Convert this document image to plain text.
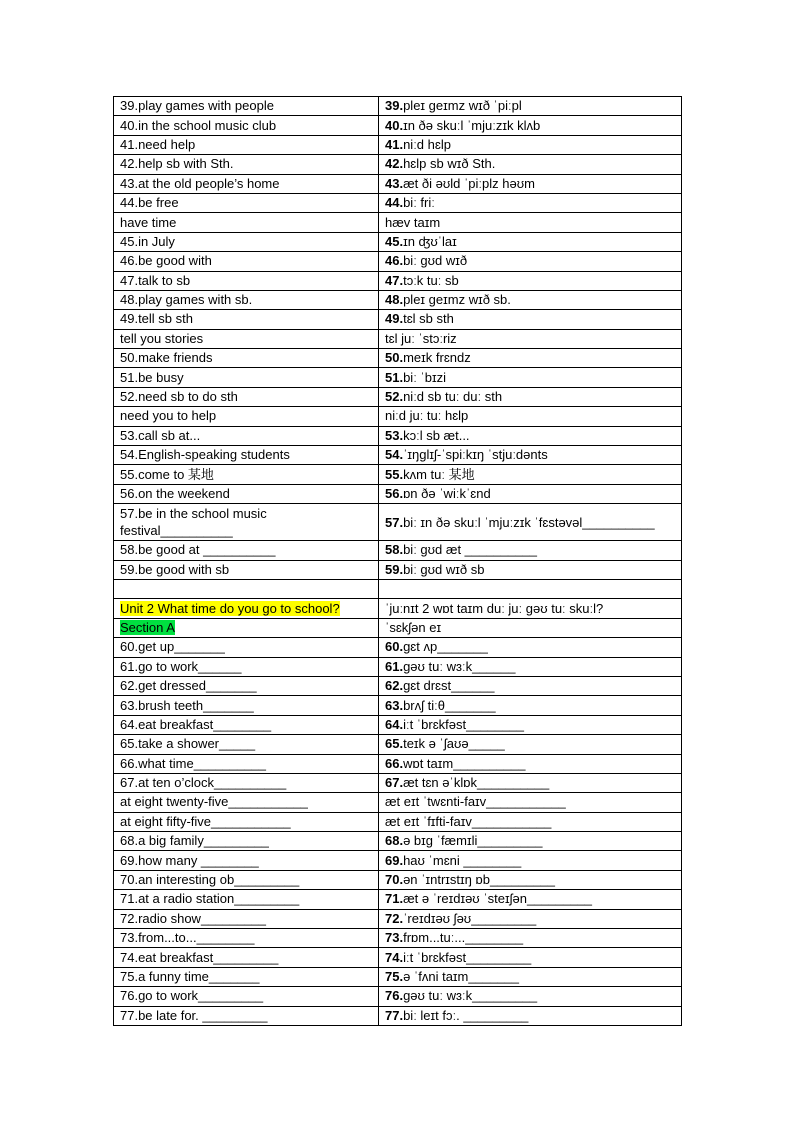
39.play games with people	39.pleɪ geɪmz wɪð ˈpiːpl
40.in the school music club	40.ɪn ðə skuːl ˈmjuːzɪk klʌb
41.need help	41.niːd hɛlp
42.help sb with Sth.	42.hɛlp sb wɪð Sth.
43.at the old people’s home	43.æt ði əʊld ˈpiːplz həʊm
44.be free	44.biː friː
have time	hæv taɪm
45.in July	45.ɪn ʤʊˈlaɪ
46.be good with	46.biː gʊd wɪð
47.talk to sb	47.tɔːk tuː sb
48.play games with sb.	48.pleɪ geɪmz wɪð sb.
49.tell sb sth	49.tɛl sb sth
tell you stories	tɛl juː ˈstɔːriz
50.make friends	50.meɪk frɛndz
51.be busy	51.biː ˈbɪzi
52.need sb to do sth	52.niːd sb tuː duː sth
need you to help	niːd juː tuː hɛlp
53.call sb at...	53.kɔːl sb æt...
54.English-speaking students	54.ˈɪŋglɪʃ-ˈspiːkɪŋ ˈstjuːdənts
55.come to 某地	55.kʌm tuː 某地
56.on the weekend	56.ɒn ðə ˈwiːkˈɛnd
57.be in the school music festival__________	57.biː ɪn ðə skuːl ˈmjuːzɪk ˈfɛstəvəl__________
58.be good at __________	58.biː gʊd æt __________
59.be good with sb	59.biː gʊd wɪð sb

Unit 2 What time do you go to school?	ˈjuːnɪt 2 wɒt taɪm duː juː gəʊ tuː skuːl?
Section A	ˈsɛkʃən eɪ
60.get up_______	60.gɛt ʌp_______
61.go to work______	61.gəʊ tuː wɜːk______
62.get dressed_______	62.gɛt drɛst______
63.brush teeth_______	63.brʌʃ tiːθ_______
64.eat breakfast________	64.iːt ˈbrɛkfəst________
65.take a shower_____	65.teɪk ə ˈʃaʊə_____
66.what time__________	66.wɒt taɪm__________
67.at ten o’clock__________	67.æt tɛn əˈklɒk__________
at eight twenty-five___________	æt eɪt ˈtwɛnti-faɪv___________
at eight fifty-five___________	æt eɪt ˈfɪfti-faɪv___________
68.a big family_________	68.ə bɪg ˈfæmɪli_________
69.how many ________	69.haʊ ˈmɛni ________
70.an interesting ob_________	70.ən ˈɪntrɪstɪŋ ɒb_________
71.at a radio station_________	71.æt ə ˈreɪdɪəʊ ˈsteɪʃən_________
72.radio show_________	72.ˈreɪdɪəʊ ʃəʊ_________
73.from...to...________	73.frɒm...tuː...________
74.eat breakfast_________	74.iːt ˈbrɛkfəst_________
75.a funny time_______	75.ə ˈfʌni taɪm_______
76.go to work_________	76.gəʊ tuː wɜːk_________
77.be late for. _________	77.biː leɪt fɔː. _________
